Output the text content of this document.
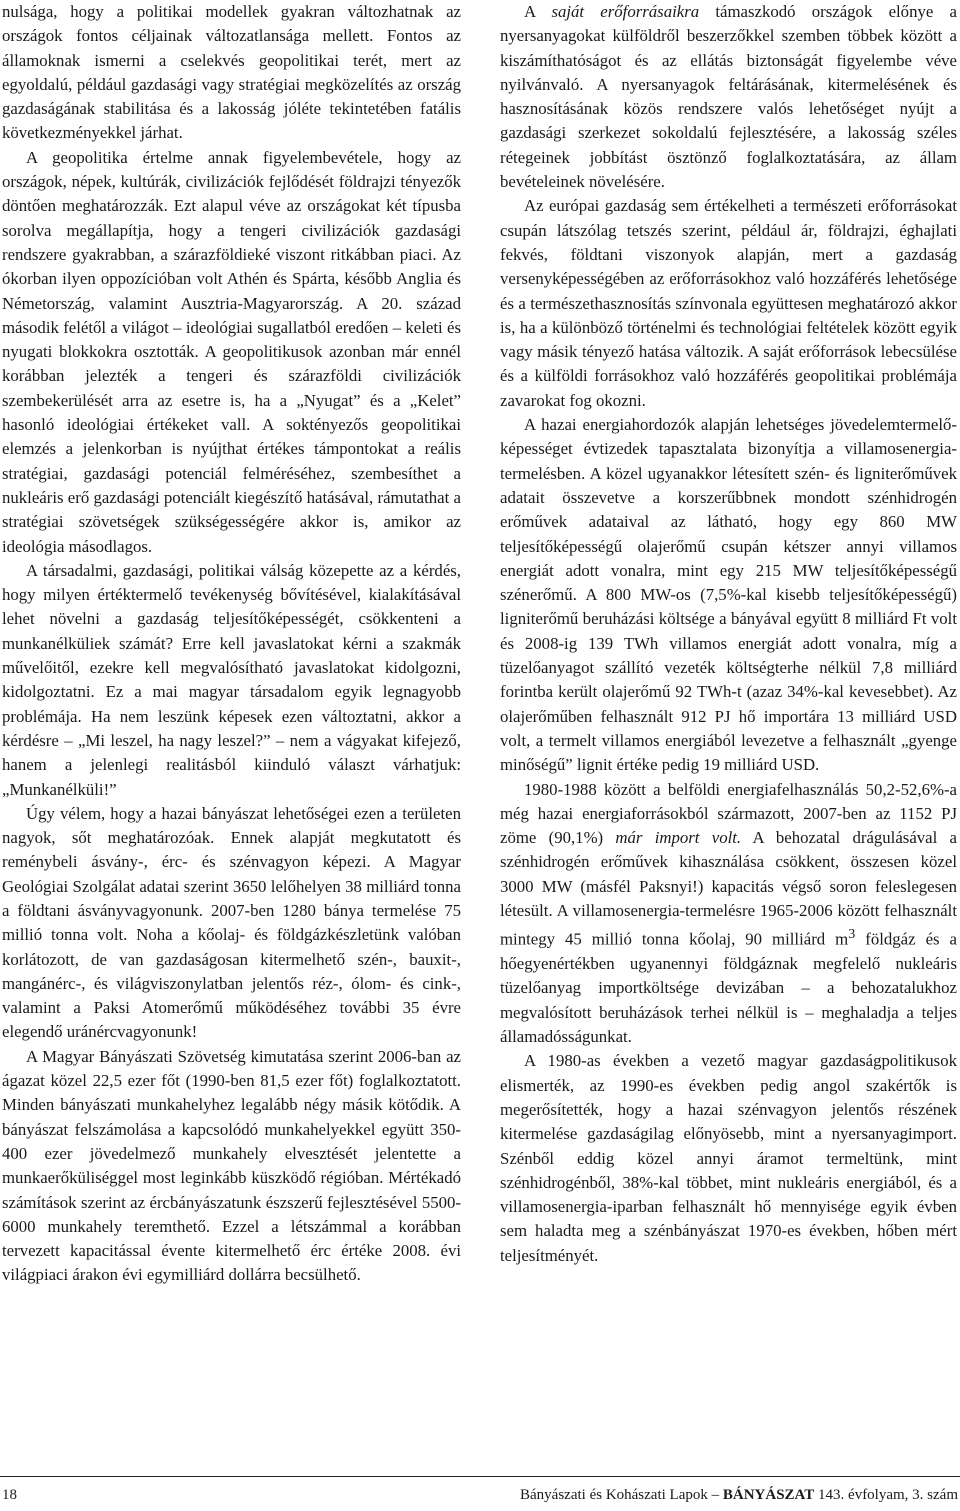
nulsága, hogy a politikai modellek gyakran változhatnak az országok fontos céljainak változatlansága mellett. Fontos az államoknak ismerni a cselekvés geopolitikai terét, mert az egyoldalú, például gazdasági vagy stratégiai megközelítés az ország gazdaságának stabilitása és a lakosság jóléte tekintetében fatális következményekkel járhat.

A geopolitika értelme annak figyelembevétele, hogy az országok, népek, kultúrák, civilizációk fejlődését földrajzi tényezők döntően meghatározzák. Ezt alapul véve az országokat két típusba sorolva megállapítja, hogy a tengeri civilizációk gazdasági rendszere gyakrabban, a szárazföldieké viszont ritkábban piaci. Az ókorban ilyen oppozícióban volt Athén és Spárta, később Anglia és Németország, valamint Ausztria-Magyarország. A 20. század második felétől a világot – ideológiai sugallatból eredően – keleti és nyugati blokkokra osztották. A geopolitikusok azonban már ennél korábban jelezték a tengeri és szárazföldi civilizációk szembekerülését arra az esetre is, ha a „Nyugat” és a „Kelet” hasonló ideológiai értékeket vall. A soktényezős geopolitikai elemzés a jelenkorban is nyújthat értékes támpontokat a reális stratégiai, gazdasági potenciál felméréséhez, szembesíthet a nukleáris erő gazdasági potenciált kiegészítő hatásával, rámutathat a stratégiai szövetségek szükségességére akkor is, amikor az ideológia másodlagos.

A társadalmi, gazdasági, politikai válság közepette az a kérdés, hogy milyen értéktermelő tevékenység bővítésével, kialakításával lehet növelni a gazdaság teljesítőképességét, csökkenteni a munkanélküliek számát? Erre kell javaslatokat kérni a szakmák művelőitől, ezekre kell megvalósítható javaslatokat kidolgozni, kidolgoztatni. Ez a mai magyar társadalom egyik legnagyobb problémája. Ha nem leszünk képesek ezen változtatni, akkor a kérdésre – „Mi leszel, ha nagy leszel?” – nem a vágyakat kifejező, hanem a jelenlegi realitásból kiinduló választ várhatjuk: „Munkanélküli!”

Úgy vélem, hogy a hazai bányászat lehetőségei ezen a területen nagyok, sőt meghatározóak. Ennek alapját megkutatott és reménybeli ásvány-, érc- és szénvagyon képezi. A Magyar Geológiai Szolgálat adatai szerint 3650 lelőhelyen 38 milliárd tonna a földtani ásványvagyonunk. 2007-ben 1280 bánya termelése 75 millió tonna volt. Noha a kőolaj- és földgázkészletünk valóban korlátozott, de van gazdaságosan kitermelhető szén-, bauxit-, mangánérc-, és világviszonylatban jelentős réz-, ólom- és cink-, valamint a Paksi Atomerőmű működéséhez további 35 évre elegendő uránércvagyonunk!

A Magyar Bányászati Szövetség kimutatása szerint 2006-ban az ágazat közel 22,5 ezer főt (1990-ben 81,5 ezer főt) foglalkoztatott. Minden bányászati munkahelyhez legalább négy másik kötődik. A bányászat felszámolása a kapcsolódó munkahelyekkel együtt 350-400 ezer jövedelmező munkahely elvesztését jelentette a munkaerőküliséggel most leginkább küszködő régióban. Mértékadó számítások szerint az ércbányászatunk észszerű fejlesztésével 5500-6000 munkahely teremthető. Ezzel a létszámmal a korábban tervezett kapacitással évente kitermelhető érc értéke 2008. évi világpiaci árakon évi egymilliárd dollárra becsülhető.

A saját erőforrásaikra támaszkodó országok előnye a nyersanyagokat külföldről beszerzőkkel szemben többek között a kiszámíthatóságot és az ellátás biztonságát figyelembe véve nyilvánvaló. A nyersanyagok feltárásának, kitermelésének és hasznosításának közös rendszere valós lehetőséget nyújt a gazdasági szerkezet sokoldalú fejlesztésére, a lakosság széles rétegeinek jobbítást ösztönző foglalkoztatására, az állam bevételeinek növelésére.

Az európai gazdaság sem értékelheti a természeti erőforrásokat csupán látszólag tetszés szerint, például ár, földrajzi, éghajlati fekvés, földtani viszonyok alapján, mert a gazdaság versenyképességében az erőforrásokhoz való hozzáférés lehetősége és a természethasznosítás színvonala együttesen meghatározó akkor is, ha a különböző történelmi és technológiai feltételek között egyik vagy másik tényező hatása változik. A saját erőforrások lebecsülése és a külföldi forrásokhoz való hozzáférés geopolitikai problémája zavarokat fog okozni.

A hazai energiahordozók alapján lehetséges jövedelemtermelő-képességet évtizedek tapasztalata bizonyítja a villamosenergia-termelésben. A közel ugyanakkor létesített szén- és ligniterőművek adatait összevetve a korszerűbbnek mondott szénhidrogén erőművek adataival az látható, hogy egy 860 MW teljesítőképességű olajerőmű csupán kétszer annyi villamos energiát adott vonalra, mint egy 215 MW teljesítőképességű szénerőmű. A 800 MW-os (7,5%-kal kisebb teljesítőképességű) ligniterőmű beruházási költsége a bányával együtt 8 milliárd Ft volt és 2008-ig 139 TWh villamos energiát adott vonalra, míg a tüzelőanyagot szállító vezeték költségterhe nélkül 7,8 milliárd forintba került olajerőmű 92 TWh-t (azaz 34%-kal kevesebbet). Az olajerőműben felhasznált 912 PJ hő importára 13 milliárd USD volt, a termelt villamos energiából levezetve a felhasznált „gyenge minőségű” lignit értéke pedig 19 milliárd USD.

1980-1988 között a belföldi energiafelhasználás 50,2-52,6%-a még hazai energiaforrásokból származott, 2007-ben az 1152 PJ zöme (90,1%) már import volt. A behozatal drágulásával a szénhidrogén erőművek kihasználása csökkent, összesen közel 3000 MW (másfél Paksnyi!) kapacitás végső soron feleslegesen létesült. A villamosenergia-termelésre 1965-2006 között felhasznált mintegy 45 millió tonna kőolaj, 90 milliárd $m^3$ földgáz és a hőegyenértékben ugyanennyi földgáznak megfelelő nukleáris tüzelőanyag importköltsége devizában – a behozatalukhoz megvalósított beruházások terhei nélkül is – meghaladja a teljes államadósságunkat.

A 1980-as években a vezető magyar gazdaságpolitikusok elismerték, az 1990-es években pedig angol szakértők is megerősítették, hogy a hazai szénvagyon jelentős részének kitermelése gazdaságilag előnyösebb, mint a nyersanyagimport. Szénből eddig közel annyi áramot termeltünk, mint szénhidrogénből, 38%-kal többet, mint nukleáris energiából, és a villamosenergia-iparban felhasznált hő mennyisége egyik évben sem haladta meg a szénbányászat 1970-es években, hőben mért teljesítményét.

18	Bányászati és Kohászati Lapok – BÁNYÁSZAT 143. évfolyam, 3. szám
